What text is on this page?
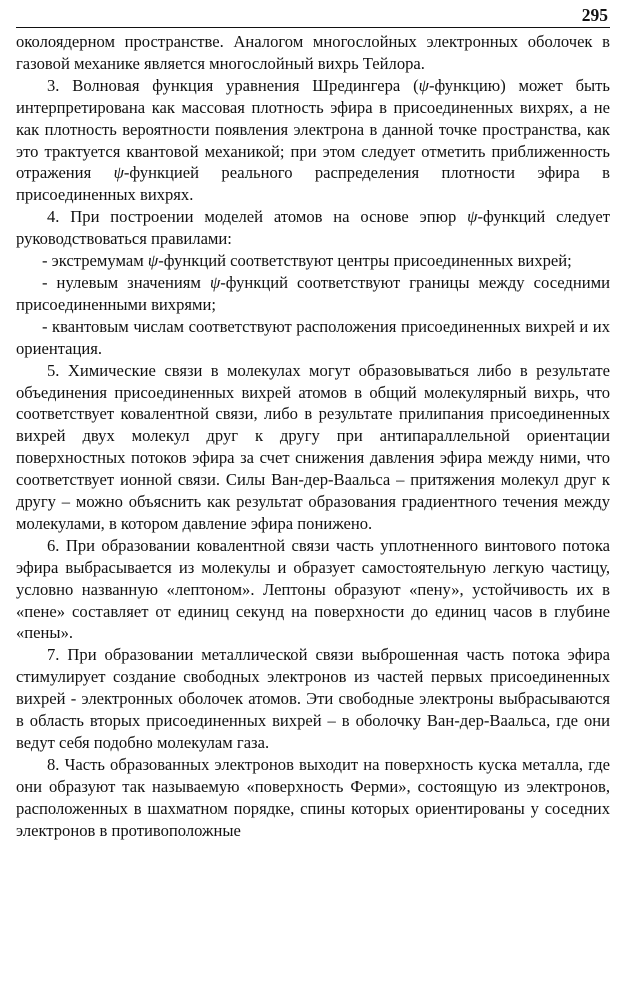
295

околоядерном пространстве. Аналогом многослойных электронных оболочек в газовой механике является многослойный вихрь Тейлора.

3. Волновая функция уравнения Шредингера (ψ-функцию) может быть интерпретирована как массовая плотность эфира в присоединенных вихрях, а не как плотность вероятности появления электрона в данной точке пространства, как это трактуется квантовой механикой; при этом следует отметить приближенность отражения ψ-функцией реального распределения плотности эфира в присоединенных вихрях.

4. При построении моделей атомов на основе эпюр ψ-функций следует руководствоваться правилами:

- экстремумам ψ-функций соответствуют центры присоединенных вихрей;

- нулевым значениям ψ-функций соответствуют границы между соседними присоединенными вихрями;

- квантовым числам соответствуют расположения присоединенных вихрей и их ориентация.

5. Химические связи в молекулах могут образовываться либо в результате объединения присоединенных вихрей атомов в общий молекулярный вихрь, что соответствует ковалентной связи, либо в результате прилипания присоединенных вихрей двух молекул друг к другу при антипараллельной ориентации поверхностных потоков эфира за счет снижения давления эфира между ними, что соответствует ионной связи. Силы Ван-дер-Ваальса – притяжения молекул друг к другу – можно объяснить как результат образования градиентного течения между молекулами, в котором давление эфира понижено.

6. При образовании ковалентной связи часть уплотненного винтового потока эфира выбрасывается из молекулы и образует самостоятельную легкую частицу, условно названную «лептоном». Лептоны образуют «пену», устойчивость их в «пене» составляет от единиц секунд на поверхности до единиц часов в глубине «пены».

7. При образовании металлической связи выброшенная часть потока эфира стимулирует создание свободных электронов из частей первых присоединенных вихрей - электронных оболочек атомов. Эти свободные электроны выбрасываются в область вторых присоединенных вихрей – в оболочку Ван-дер-Ваальса, где они ведут себя подобно молекулам газа.

8. Часть образованных электронов выходит на поверхность куска металла, где они образуют так называемую «поверхность Ферми», состоящую из электронов, расположенных в шахматном порядке, спины которых ориентированы у соседних электронов в противоположные
